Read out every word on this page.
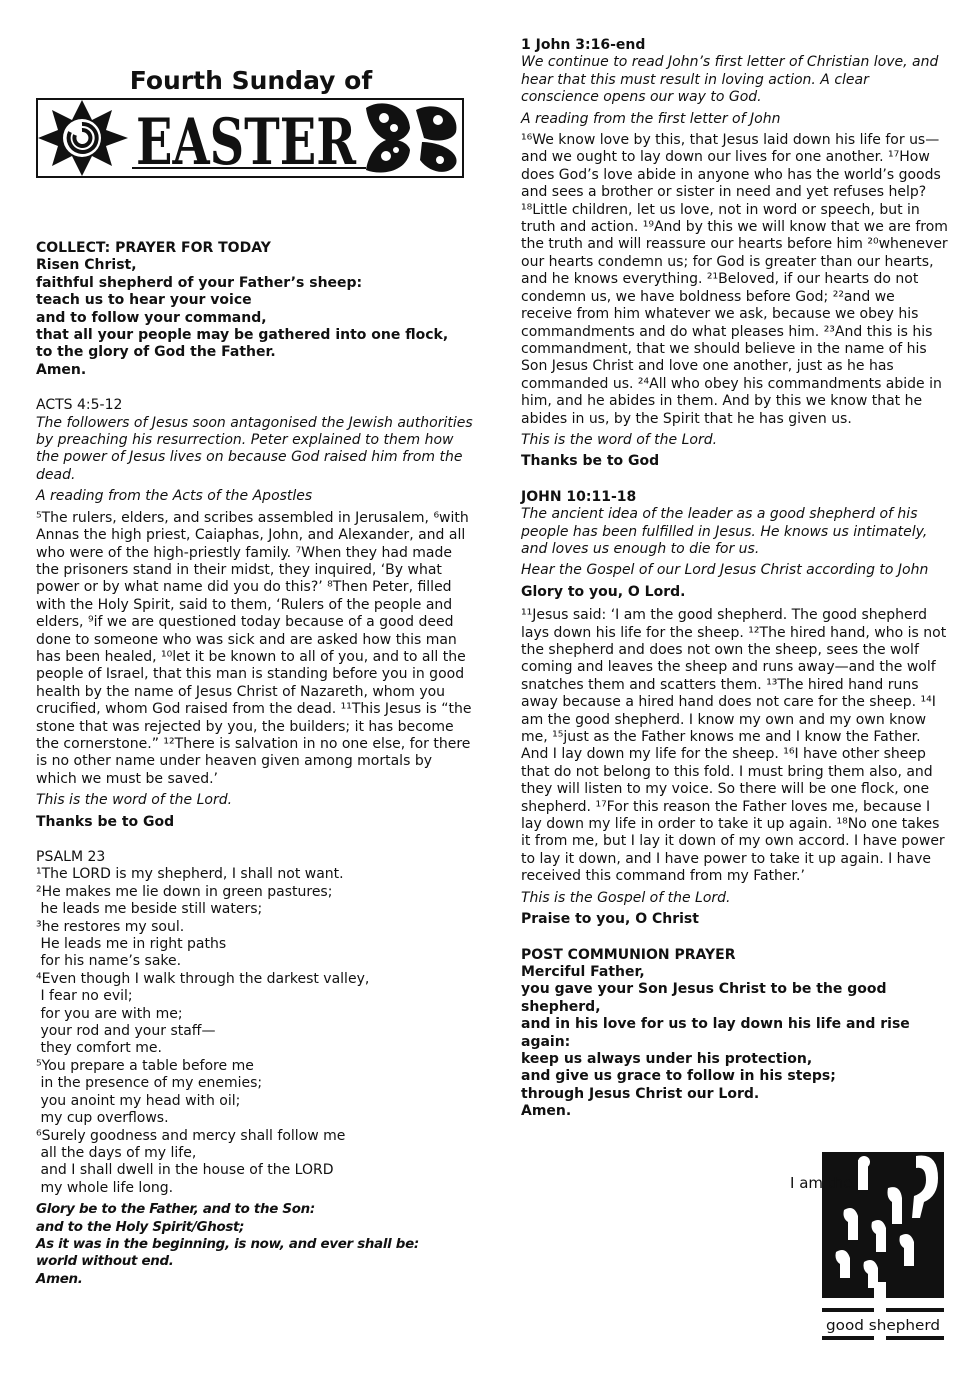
Fourth Sunday of
EASTER

COLLECT: PRAYER FOR TODAY

Risen Christ,

faithful shepherd of your Father’s sheep:

teach us to hear your voice

and to follow your command,

that all your people may be gathered into one flock,

to the glory of God the Father.

Amen.

ACTS 4:5-12

The followers of Jesus soon antagonised the Jewish authorities by preaching his resurrection. Peter explained to them how the power of Jesus lives on because God raised him from the dead.

A reading from the Acts of the Apostles

⁵The rulers, elders, and scribes assembled in Jerusalem, ⁶with Annas the high priest, Caiaphas, John, and Alexander, and all who were of the high-priestly family. ⁷When they had made the prisoners stand in their midst, they inquired, ‘By what power or by what name did you do this?’ ⁸Then Peter, filled with the Holy Spirit, said to them, ‘Rulers of the people and elders, ⁹if we are questioned today because of a good deed done to someone who was sick and are asked how this man has been healed, ¹⁰let it be known to all of you, and to all the people of Israel, that this man is standing before you in good health by the name of Jesus Christ of Nazareth, whom you crucified, whom God raised from the dead. ¹¹This Jesus is “the stone that was rejected by you, the builders; it has become the cornerstone.” ¹²There is salvation in no one else, for there is no other name under heaven given among mortals by which we must be saved.’

This is the word of the Lord.

Thanks be to God

PSALM 23

¹The LORD is my shepherd, I shall not want.

²He makes me lie down in green pastures;

he leads me beside still waters;

³he restores my soul.

He leads me in right paths

for his name’s sake.

⁴Even though I walk through the darkest valley,

I fear no evil;

for you are with me;

your rod and your staff—

they comfort me.

⁵You prepare a table before me

in the presence of my enemies;

you anoint my head with oil;

my cup overflows.

⁶Surely goodness and mercy shall follow me

all the days of my life,

and I shall dwell in the house of the LORD

my whole life long.

Glory be to the Father, and to the Son:

and to the Holy Spirit/Ghost;

As it was in the beginning, is now, and ever shall be:

world without end.

Amen.

1 John 3:16-end

We continue to read John’s first letter of Christian love, and hear that this must result in loving action. A clear conscience opens our way to God.

A reading from the first letter of John

¹⁶We know love by this, that Jesus laid down his life for us—and we ought to lay down our lives for one another. ¹⁷How does God’s love abide in anyone who has the world’s goods and sees a brother or sister in need and yet refuses help? ¹⁸Little children, let us love, not in word or speech, but in truth and action. ¹⁹And by this we will know that we are from the truth and will reassure our hearts before him ²⁰whenever our hearts condemn us; for God is greater than our hearts, and he knows everything. ²¹Beloved, if our hearts do not condemn us, we have boldness before God; ²²and we receive from him whatever we ask, because we obey his commandments and do what pleases him. ²³And this is his commandment, that we should believe in the name of his Son Jesus Christ and love one another, just as he has commanded us. ²⁴All who obey his commandments abide in him, and he abides in them. And by this we know that he abides in us, by the Spirit that he has given us.

This is the word of the Lord.

Thanks be to God

JOHN 10:11-18

The ancient idea of the leader as a good shepherd of his people has been fulfilled in Jesus. He knows us intimately, and loves us enough to die for us.

Hear the Gospel of our Lord Jesus Christ according to John

Glory to you, O Lord.

¹¹Jesus said: ‘I am the good shepherd. The good shepherd lays down his life for the sheep. ¹²The hired hand, who is not the shepherd and does not own the sheep, sees the wolf coming and leaves the sheep and runs away—and the wolf snatches them and scatters them. ¹³The hired hand runs away because a hired hand does not care for the sheep. ¹⁴I am the good shepherd. I know my own and my own know me, ¹⁵just as the Father knows me and I know the Father. And I lay down my life for the sheep. ¹⁶I have other sheep that do not belong to this fold. I must bring them also, and they will listen to my voice. So there will be one flock, one shepherd. ¹⁷For this reason the Father loves me, because I lay down my life in order to take it up again. ¹⁸No one takes it from me, but I lay it down of my own accord. I have power to lay it down, and I have power to take it up again. I have received this command from my Father.’

This is the Gospel of the Lord.

Praise to you, O Christ

POST COMMUNION PRAYER

Merciful Father,

you gave your Son Jesus Christ to be the good shepherd,

and in his love for us to lay down his life and rise again:

keep us always under his protection,

and give us grace to follow in his steps;

through Jesus Christ our Lord.

Amen.

I am the
good shepherd
